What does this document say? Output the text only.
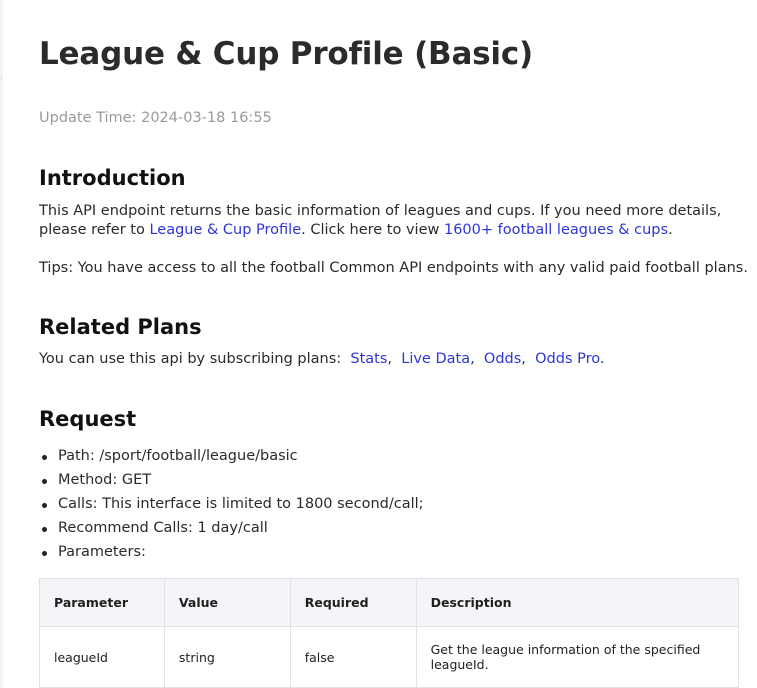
League & Cup Profile (Basic)
Update Time: 2024-03-18 16:55
Introduction
This API endpoint returns the basic information of leagues and cups. If you need more details, please refer to League & Cup Profile. Click here to view 1600+ football leagues & cups.
Tips: You have access to all the football Common API endpoints with any valid paid football plans.
Related Plans
You can use this api by subscribing plans: Stats,  Live Data,  Odds,  Odds Pro.
Request
Path: /sport/football/league/basic
Method: GET
Calls: This interface is limited to 1800 second/call;
Recommend Calls: 1 day/call
Parameters:
Parameter	Value	Required	Description
leagueId	string	false	Get the league information of the specified leagueId.
